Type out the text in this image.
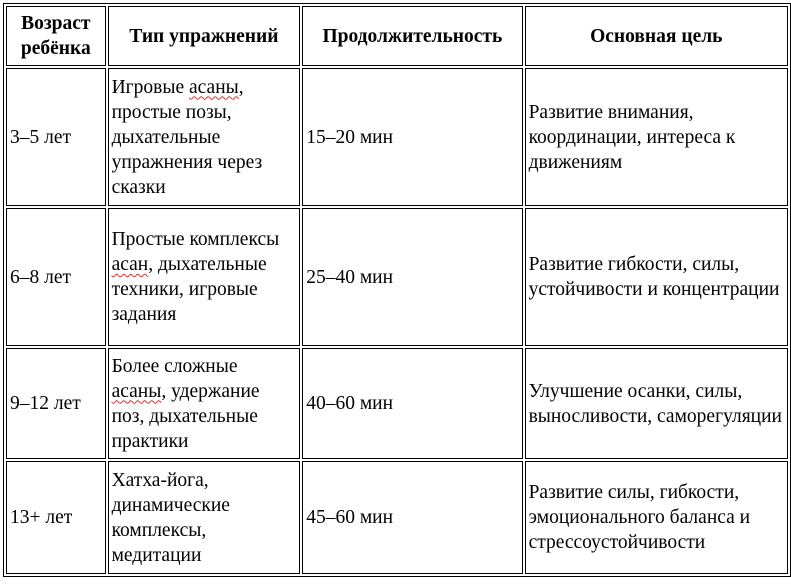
Возраст ребёнка	Тип упражнений	Продолжительность	Основная цель
3–5 лет	Игровые асаны, простые позы, дыхательные упражнения через сказки	15–20 мин	Развитие внимания, координации, интереса к движениям
6–8 лет	Простые комплексы асан, дыхательные техники, игровые задания	25–40 мин	Развитие гибкости, силы, устойчивости и концентрации
9–12 лет	Более сложные асаны, удержание поз, дыхательные практики	40–60 мин	Улучшение осанки, силы, выносливости, саморегуляции
13+ лет	Хатха-йога, динамические комплексы, медитации	45–60 мин	Развитие силы, гибкости, эмоционального баланса и стрессоустойчивости
